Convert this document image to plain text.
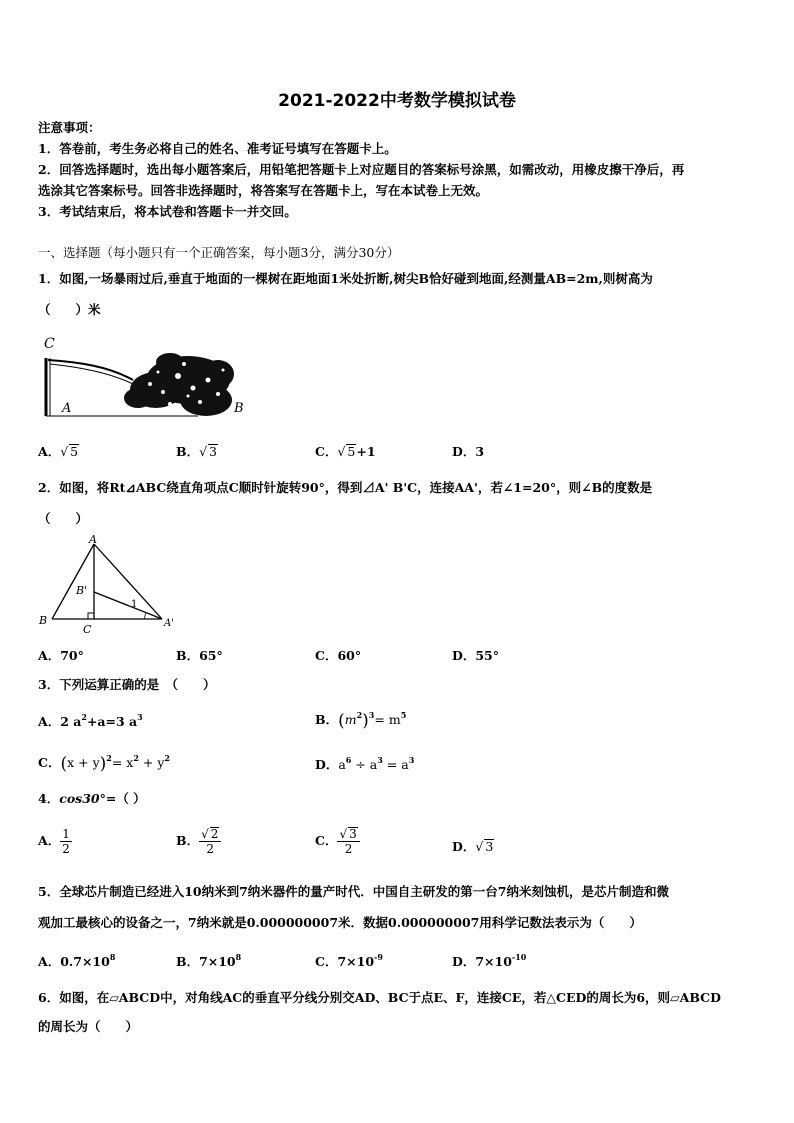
2021-2022中考数学模拟试卷
注意事项：
1．答卷前，考生务必将自己的姓名、准考证号填写在答题卡上。
2．回答选择题时，选出每小题答案后，用铅笔把答题卡上对应题目的答案标号涂黑，如需改动，用橡皮擦干净后，再
选涂其它答案标号。回答非选择题时，将答案写在答题卡上，写在本试卷上无效。
3．考试结束后，将本试卷和答题卡一并交回。
一、选择题（每小题只有一个正确答案，每小题3分，满分30分）
1．如图,一场暴雨过后,垂直于地面的一棵树在距地面1米处折断,树尖B恰好碰到地面,经测量AB=2m,则树高为
（　　）米
C
A	B
A．√ 5	B．√ 3	C．√ 5+1	D．3
2．如图，将Rt⊿ABC绕直角项点C顺时针旋转90°，得到⊿A' B'C，连接AA'，若∠1=20°，则∠B的度数是
（　　）
A
B
C
B'
A'
1
A．70°	B．65°	C．60°	D．55°
3．下列运算正确的是　（　　）
A．2 $a^2+a=3$ $a^3$	B．$(m^2)^3= m^5$
C．$(x + y)^2= x^2 + y^2$	D．$a^6 \div a^3 = a^3$
4．cos30°=（ ）
A． $\frac{1}{2}$	B． $\frac{√ 2}{2}$	C． $\frac{√ 3}{2}$	D．√ 3
5．全球芯片制造已经进入10纳米到7纳米器件的量产时代．中国自主研发的第一台7纳米刻蚀机，是芯片制造和微
观加工最核心的设备之一，7纳米就是0.000000007米．数据0.000000007用科学记数法表示为（　　）
A．$0.7\times 10^8$	B．$7\times 10^8$	C．$7\times 10^{-9}$	D．$7\times 10^{-10}$
6．如图，在▱ABCD中，对角线AC的垂直平分线分别交AD、BC于点E、F，连接CE，若△CED的周长为6，则▱ABCD
的周长为（　　）
